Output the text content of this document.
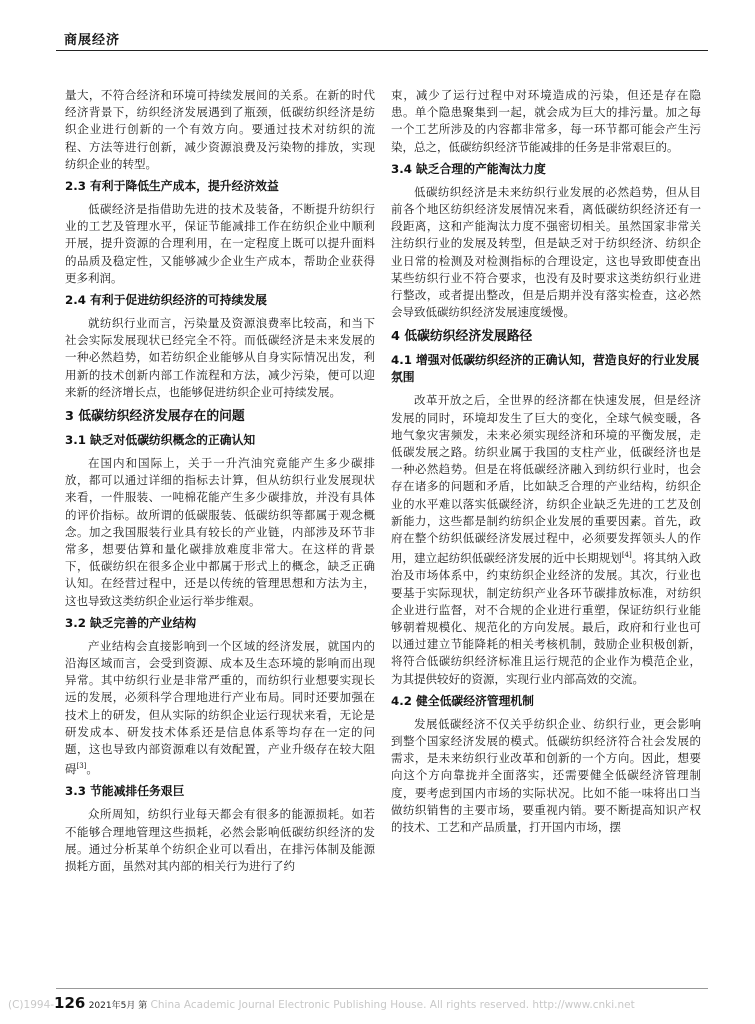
商展经济

量大，不符合经济和环境可持续发展间的关系。在新的时代经济背景下，纺织经济发展遇到了瓶颈，低碳纺织经济是纺织企业进行创新的一个有效方向。要通过技术对纺织的流程、方法等进行创新，减少资源浪费及污染物的排放，实现纺织企业的转型。

2.3 有利于降低生产成本，提升经济效益

低碳经济是指借助先进的技术及装备，不断提升纺织行业的工艺及管理水平，保证节能减排工作在纺织企业中顺利开展，提升资源的合理利用，在一定程度上既可以提升面料的品质及稳定性，又能够减少企业生产成本，帮助企业获得更多利润。

2.4 有利于促进纺织经济的可持续发展

就纺织行业而言，污染量及资源浪费率比较高，和当下社会实际发展现状已经完全不符。而低碳经济是未来发展的一种必然趋势，如若纺织企业能够从自身实际情况出发，利用新的技术创新内部工作流程和方法，减少污染，便可以迎来新的经济增长点，也能够促进纺织企业可持续发展。

3 低碳纺织经济发展存在的问题
3.1 缺乏对低碳纺织概念的正确认知

在国内和国际上，关于一升汽油究竟能产生多少碳排放，都可以通过详细的指标去计算，但从纺织行业发展现状来看，一件服装、一吨棉花能产生多少碳排放，并没有具体的评价指标。故所谓的低碳服装、低碳纺织等都属于观念概念。加之我国服装行业具有较长的产业链，内部涉及环节非常多，想要估算和量化碳排放难度非常大。在这样的背景下，低碳纺织在很多企业中都属于形式上的概念，缺乏正确认知。在经营过程中，还是以传统的管理思想和方法为主，这也导致这类纺织企业运行举步维艰。

3.2 缺乏完善的产业结构

产业结构会直接影响到一个区域的经济发展，就国内的沿海区域而言，会受到资源、成本及生态环境的影响而出现异常。其中纺织行业是非常严重的，而纺织行业想要实现长远的发展，必须科学合理地进行产业布局。同时还要加强在技术上的研发，但从实际的纺织企业运行现状来看，无论是研发成本、研发技术体系还是信息体系等均存在一定的问题，这也导致内部资源难以有效配置，产业升级存在较大阻碍[3]。

3.3 节能减排任务艰巨

众所周知，纺织行业每天都会有很多的能源损耗。如若不能够合理地管理这些损耗，必然会影响低碳纺织经济的发展。通过分析某单个纺织企业可以看出，在排污体制及能源损耗方面，虽然对其内部的相关行为进行了约

束，减少了运行过程中对环境造成的污染，但还是存在隐患。单个隐患聚集到一起，就会成为巨大的排污量。加之每一个工艺所涉及的内容都非常多，每一环节都可能会产生污染，总之，低碳纺织经济节能减排的任务是非常艰巨的。

3.4 缺乏合理的产能淘汰力度

低碳纺织经济是未来纺织行业发展的必然趋势，但从目前各个地区纺织经济发展情况来看，离低碳纺织经济还有一段距离，这和产能淘汰力度不强密切相关。虽然国家非常关注纺织行业的发展及转型，但是缺乏对于纺织经济、纺织企业日常的检测及对检测指标的合理设定，这也导致即使查出某些纺织行业不符合要求，也没有及时要求这类纺织行业进行整改，或者提出整改，但是后期并没有落实检查，这必然会导致低碳纺织经济发展速度缓慢。

4 低碳纺织经济发展路径
4.1 增强对低碳纺织经济的正确认知，营造良好的行业发展氛围

改革开放之后，全世界的经济都在快速发展，但是经济发展的同时，环境却发生了巨大的变化，全球气候变暖，各地气象灾害频发，未来必须实现经济和环境的平衡发展，走低碳发展之路。纺织业属于我国的支柱产业，低碳经济也是一种必然趋势。但是在将低碳经济融入到纺织行业时，也会存在诸多的问题和矛盾，比如缺乏合理的产业结构，纺织企业的水平难以落实低碳经济，纺织企业缺乏先进的工艺及创新能力，这些都是制约纺织企业发展的重要因素。首先，政府在整个纺织低碳经济发展过程中，必须要发挥领头人的作用，建立起纺织低碳经济发展的近中长期规划[4]。将其纳入政治及市场体系中，约束纺织企业经济的发展。其次，行业也要基于实际现状，制定纺织产业各环节碳排放标准，对纺织企业进行监督，对不合规的企业进行重塑，保证纺织行业能够朝着规模化、规范化的方向发展。最后，政府和行业也可以通过建立节能降耗的相关考核机制，鼓励企业积极创新，将符合低碳纺织经济标准且运行规范的企业作为模范企业，为其提供较好的资源，实现行业内部高效的交流。

4.2 健全低碳经济管理机制

发展低碳经济不仅关乎纺织企业、纺织行业，更会影响到整个国家经济发展的模式。低碳纺织经济符合社会发展的需求，是未来纺织行业改革和创新的一个方向。因此，想要向这个方向靠拢并全面落实，还需要健全低碳经济管理制度，要考虑到国内市场的实际状况。比如不能一味将出口当做纺织销售的主要市场，要重视内销。要不断提高知识产权的技术、工艺和产品质量，打开国内市场，摆

(C)1994-126 2021年5月 第 China Academic Journal Electronic Publishing House. All rights reserved. http://www.cnki.net
